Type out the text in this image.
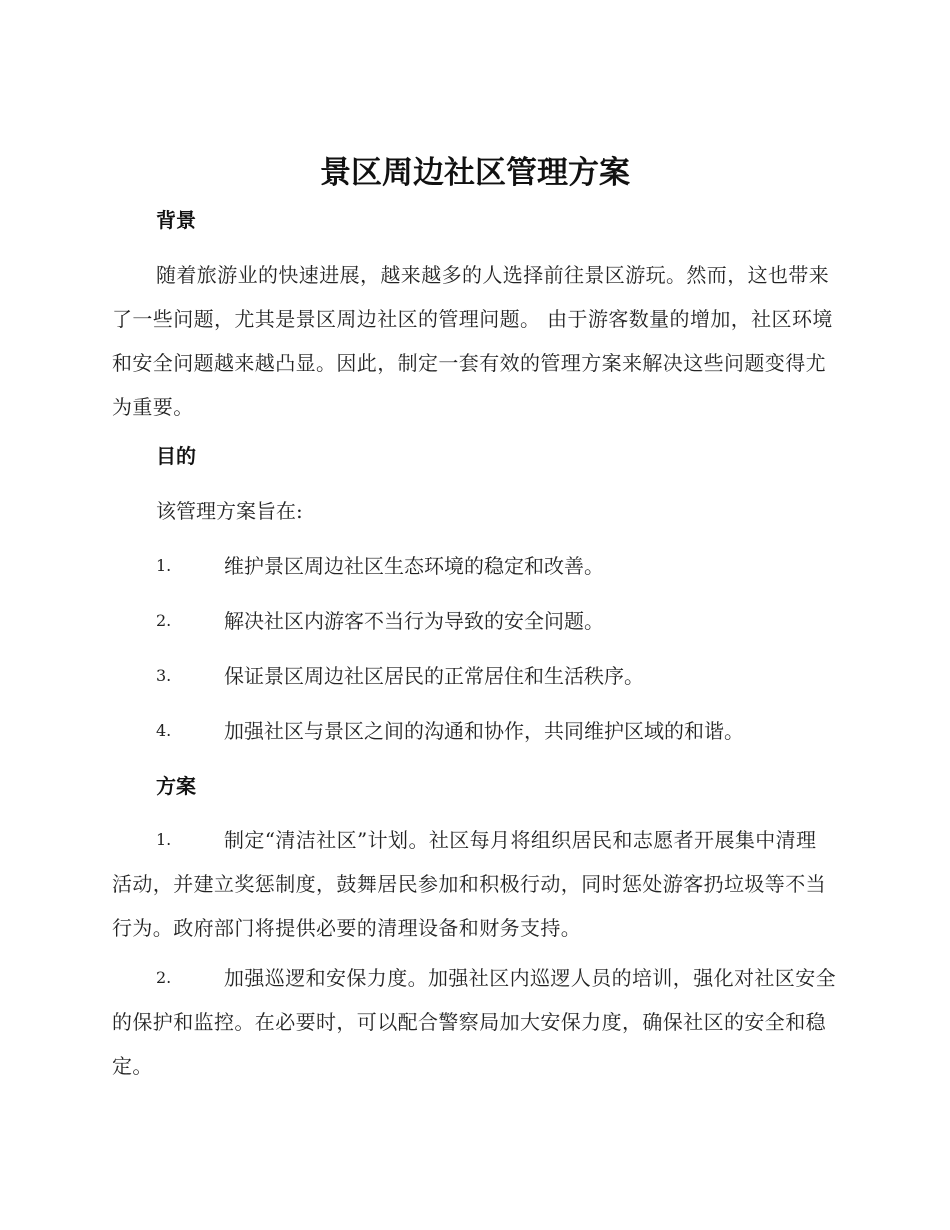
景区周边社区管理方案
背景

随着旅游业的快速进展，越来越多的人选择前往景区游玩。然而，这也带来了一些问题，尤其是景区周边社区的管理问题。 由于游客数量的增加，社区环境和安全问题越来越凸显。因此，制定一套有效的管理方案来解决这些问题变得尤为重要。

目的
该管理方案旨在:
1.	维护景区周边社区生态环境的稳定和改善。
2.	解决社区内游客不当行为导致的安全问题。
3.	保证景区周边社区居民的正常居住和生活秩序。
4.	加强社区与景区之间的沟通和协作，共同维护区域的和谐。
方案
1.	制定“清洁社区”计划。社区每月将组织居民和志愿者开展集中清理活动，并建立奖惩制度，鼓舞居民参加和积极行动，同时惩处游客扔垃圾等不当行为。政府部门将提供必要的清理设备和财务支持。

2.	加强巡逻和安保力度。加强社区内巡逻人员的培训，强化对社区安全的保护和监控。在必要时，可以配合警察局加大安保力度，确保社区的安全和稳定。
